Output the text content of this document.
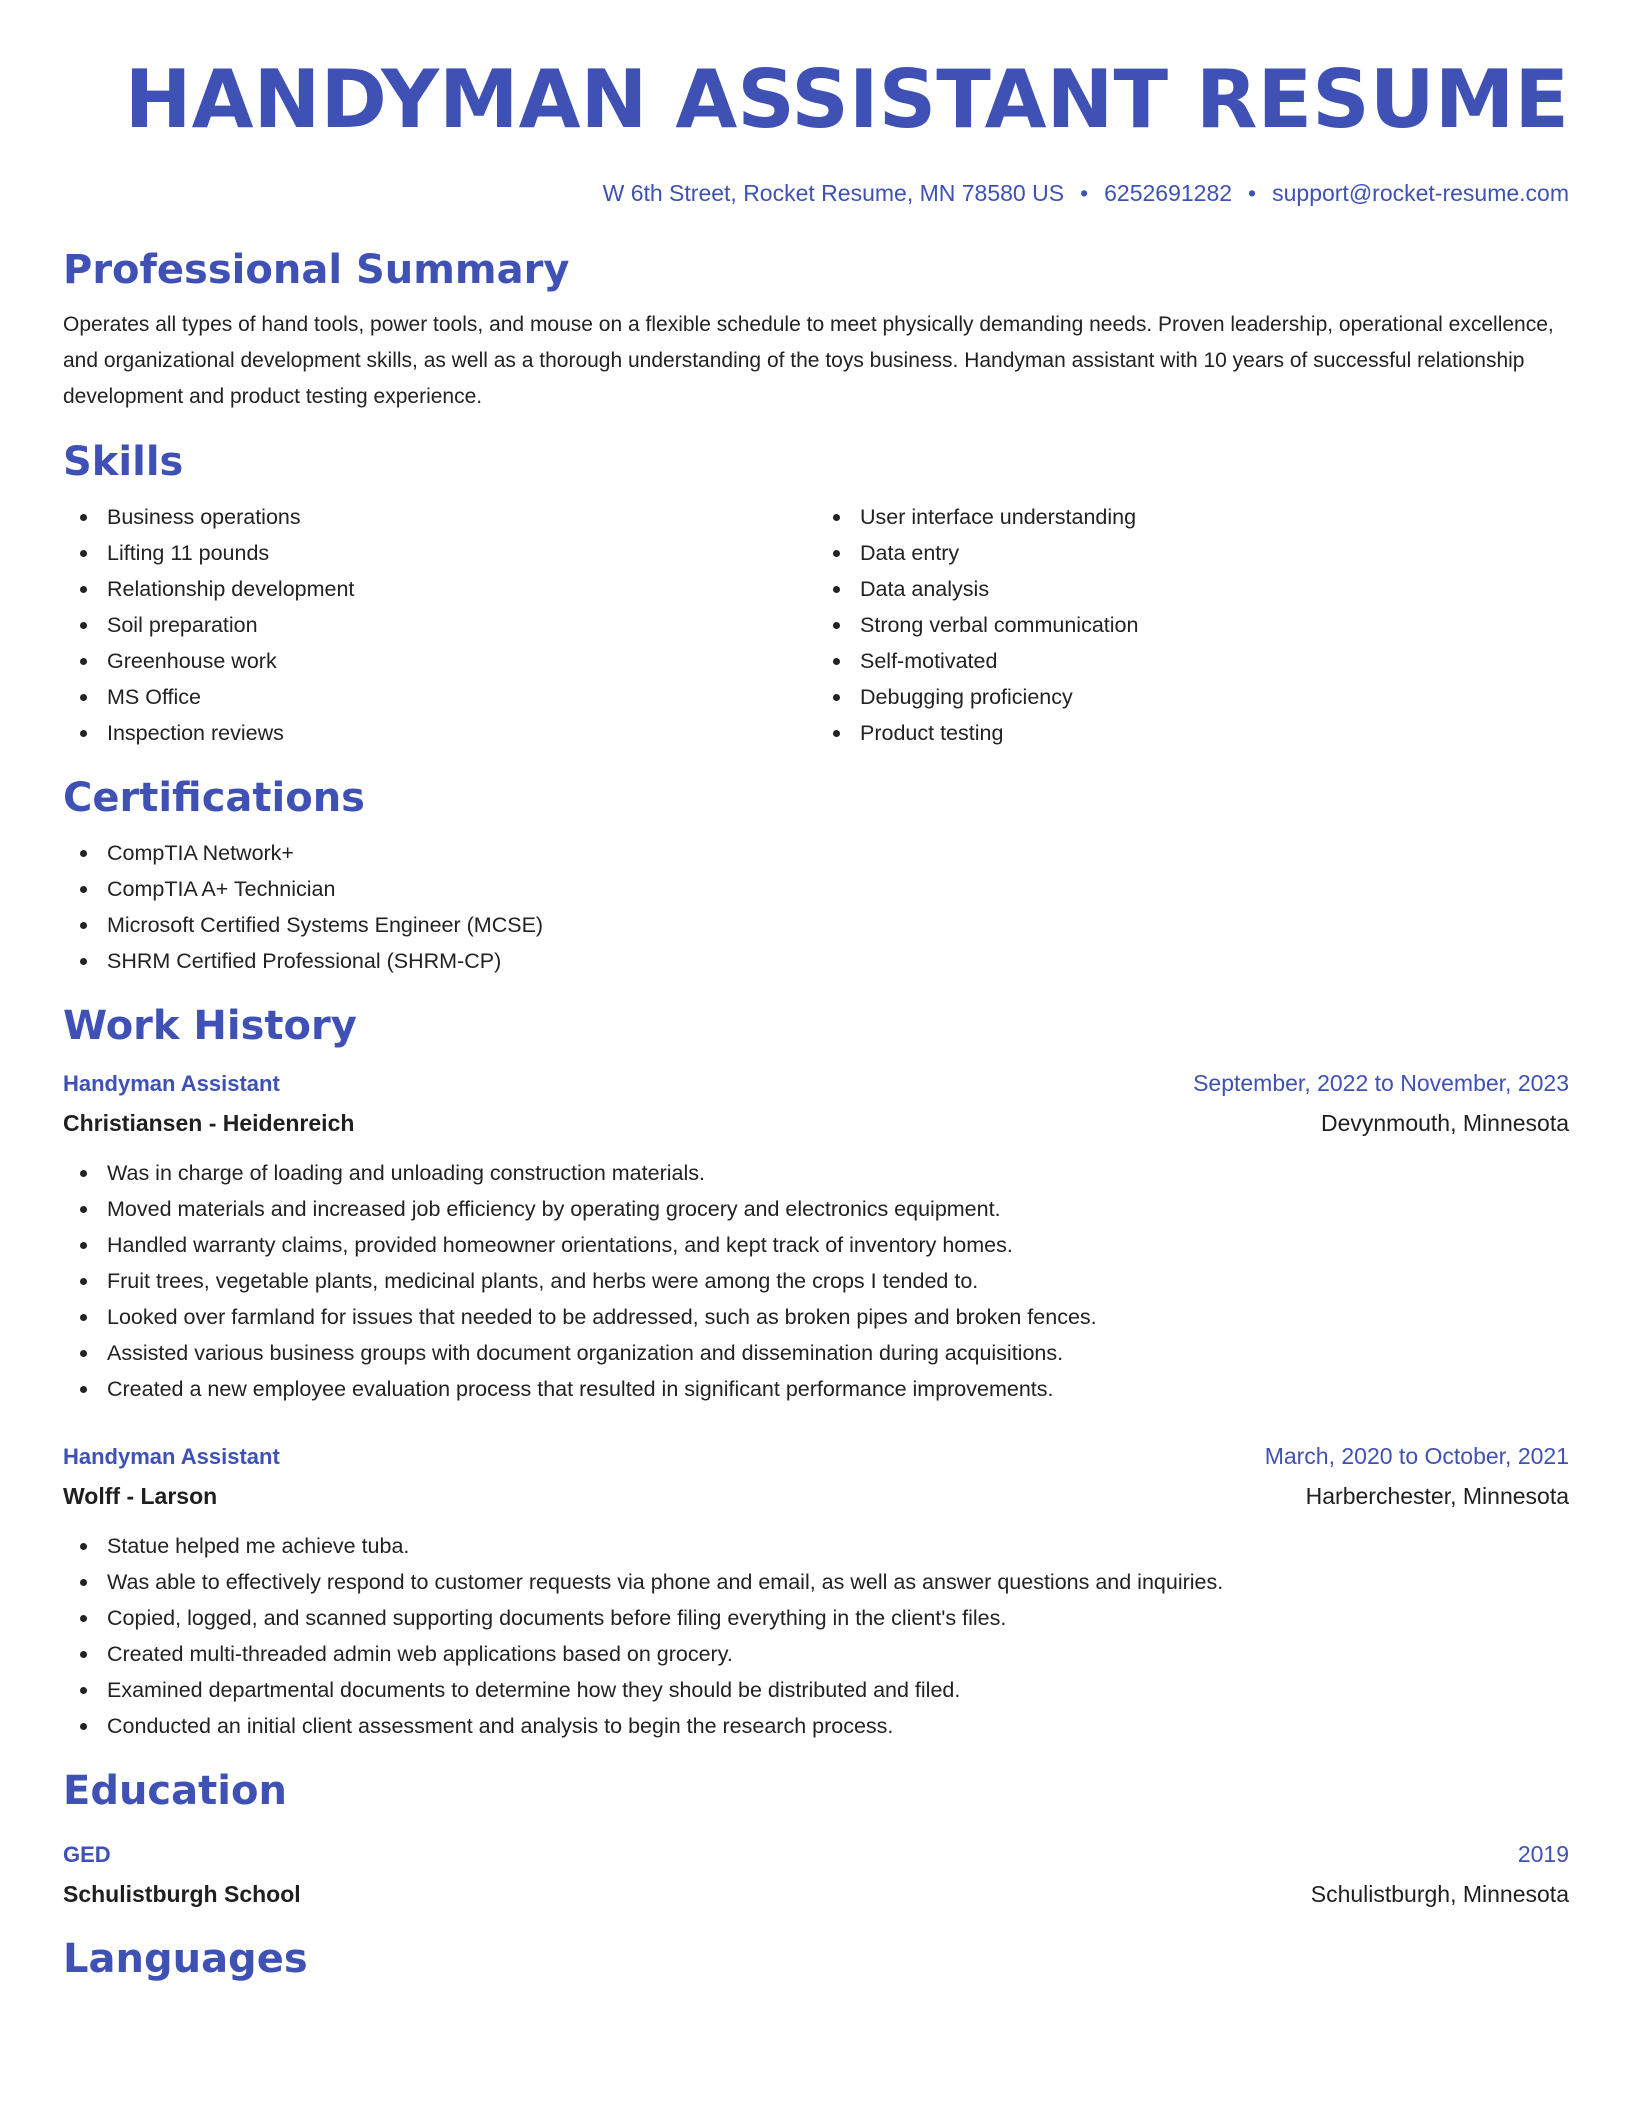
HANDYMAN ASSISTANT RESUME
W 6th Street, Rocket Resume, MN 78580 US • 6252691282 • support@rocket-resume.com
Professional Summary

Operates all types of hand tools, power tools, and mouse on a flexible schedule to meet physically demanding needs. Proven leadership, operational excellence, and organizational development skills, as well as a thorough understanding of the toys business. Handyman assistant with 10 years of successful relationship development and product testing experience.

Skills
Business operations
Lifting 11 pounds
Relationship development
Soil preparation
Greenhouse work
MS Office
Inspection reviews
User interface understanding
Data entry
Data analysis
Strong verbal communication
Self-motivated
Debugging proficiency
Product testing
Certifications
CompTIA Network+
CompTIA A+ Technician
Microsoft Certified Systems Engineer (MCSE)
SHRM Certified Professional (SHRM-CP)
Work History
Handyman Assistant	September, 2022 to November, 2023
Christiansen - Heidenreich	Devynmouth, Minnesota
Was in charge of loading and unloading construction materials.
Moved materials and increased job efficiency by operating grocery and electronics equipment.
Handled warranty claims, provided homeowner orientations, and kept track of inventory homes.
Fruit trees, vegetable plants, medicinal plants, and herbs were among the crops I tended to.
Looked over farmland for issues that needed to be addressed, such as broken pipes and broken fences.
Assisted various business groups with document organization and dissemination during acquisitions.
Created a new employee evaluation process that resulted in significant performance improvements.
Handyman Assistant	March, 2020 to October, 2021
Wolff - Larson	Harberchester, Minnesota
Statue helped me achieve tuba.
Was able to effectively respond to customer requests via phone and email, as well as answer questions and inquiries.
Copied, logged, and scanned supporting documents before filing everything in the client's files.
Created multi-threaded admin web applications based on grocery.
Examined departmental documents to determine how they should be distributed and filed.
Conducted an initial client assessment and analysis to begin the research process.
Education
GED	2019
Schulistburgh School	Schulistburgh, Minnesota
Languages
